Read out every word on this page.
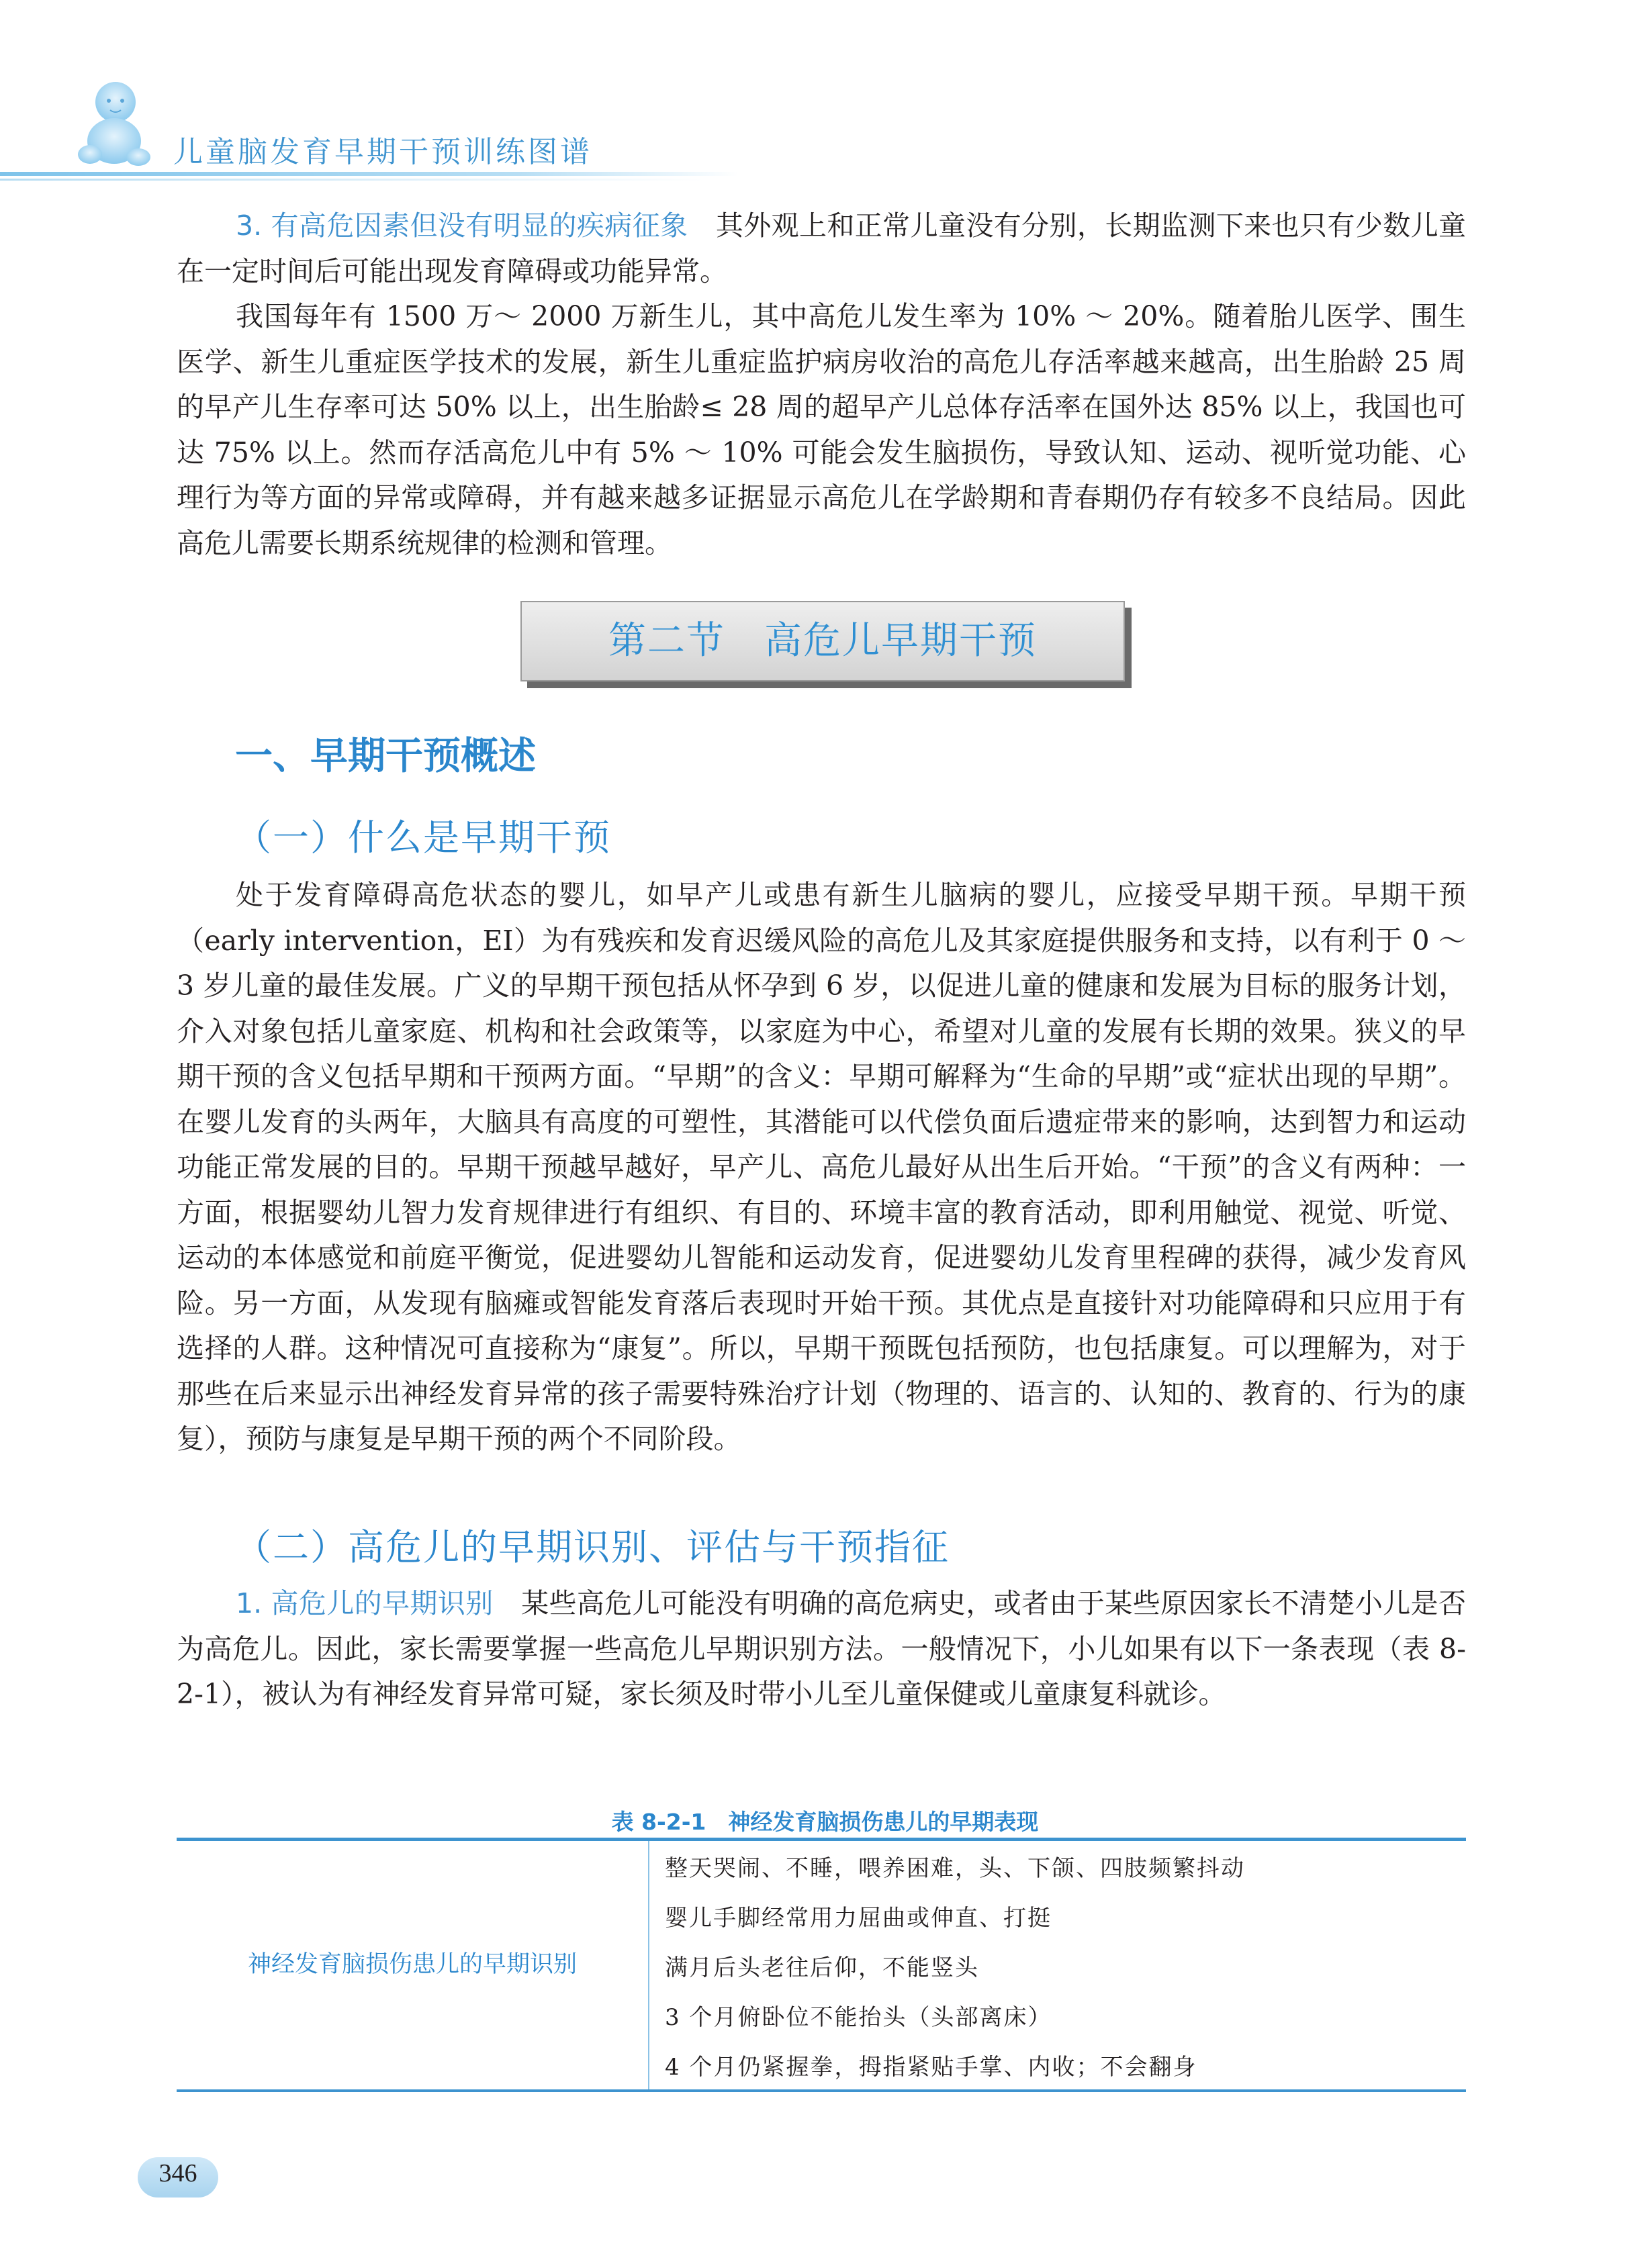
儿童脑发育早期干预训练图谱
3. 有高危因素但没有明显的疾病征象　 其外观上和正常儿童没有分别，长期监测下来也只有少数儿童在一定时间后可能出现发育障碍或功能异常。
我国每年有 1500 万～ 2000 万新生儿，其中高危儿发生率为 10% ～ 20%。随着胎儿医学、围生医学、新生儿重症医学技术的发展，新生儿重症监护病房收治的高危儿存活率越来越高，出生胎龄 25 周的早产儿生存率可达 50% 以上，出生胎龄≤ 28 周的超早产儿总体存活率在国外达 85% 以上，我国也可达 75% 以上。然而存活高危儿中有 5% ～ 10% 可能会发生脑损伤，导致认知、运动、视听觉功能、心理行为等方面的异常或障碍，并有越来越多证据显示高危儿在学龄期和青春期仍存有较多不良结局。因此高危儿需要长期系统规律的检测和管理。
第二节　高危儿早期干预
一、早期干预概述
（一）什么是早期干预
处于发育障碍高危状态的婴儿，如早产儿或患有新生儿脑病的婴儿，应接受早期干预。早期干预（early intervention，EI）为有残疾和发育迟缓风险的高危儿及其家庭提供服务和支持，以有利于 0 ～ 3 岁儿童的最佳发展。广义的早期干预包括从怀孕到 6 岁，以促进儿童的健康和发展为目标的服务计划，介入对象包括儿童家庭、机构和社会政策等，以家庭为中心，希望对儿童的发展有长期的效果。狭义的早期干预的含义包括早期和干预两方面。“早期”的含义：早期可解释为“生命的早期”或“症状出现的早期”。在婴儿发育的头两年，大脑具有高度的可塑性，其潜能可以代偿负面后遗症带来的影响，达到智力和运动功能正常发展的目的。早期干预越早越好，早产儿、高危儿最好从出生后开始。“干预”的含义有两种：一方面，根据婴幼儿智力发育规律进行有组织、有目的、环境丰富的教育活动，即利用触觉、视觉、听觉、运动的本体感觉和前庭平衡觉，促进婴幼儿智能和运动发育，促进婴幼儿发育里程碑的获得，减少发育风险。另一方面，从发现有脑瘫或智能发育落后表现时开始干预。其优点是直接针对功能障碍和只应用于有选择的人群。这种情况可直接称为“康复”。所以，早期干预既包括预防，也包括康复。可以理解为，对于那些在后来显示出神经发育异常的孩子需要特殊治疗计划（物理的、语言的、认知的、教育的、行为的康复），预防与康复是早期干预的两个不同阶段。
（二）高危儿的早期识别、评估与干预指征
1. 高危儿的早期识别　 某些高危儿可能没有明确的高危病史，或者由于某些原因家长不清楚小儿是否为高危儿。因此，家长需要掌握一些高危儿早期识别方法。一般情况下，小儿如果有以下一条表现（表 8-2-1），被认为有神经发育异常可疑，家长须及时带小儿至儿童保健或儿童康复科就诊。
表 8-2-1　神经发育脑损伤患儿的早期表现
神经发育脑损伤患儿的早期识别
整天哭闹、不睡，喂养困难，头、下颌、四肢频繁抖动
婴儿手脚经常用力屈曲或伸直、打挺
满月后头老往后仰，不能竖头
3 个月俯卧位不能抬头（头部离床）
4 个月仍紧握拳，拇指紧贴手掌、内收；不会翻身
346
